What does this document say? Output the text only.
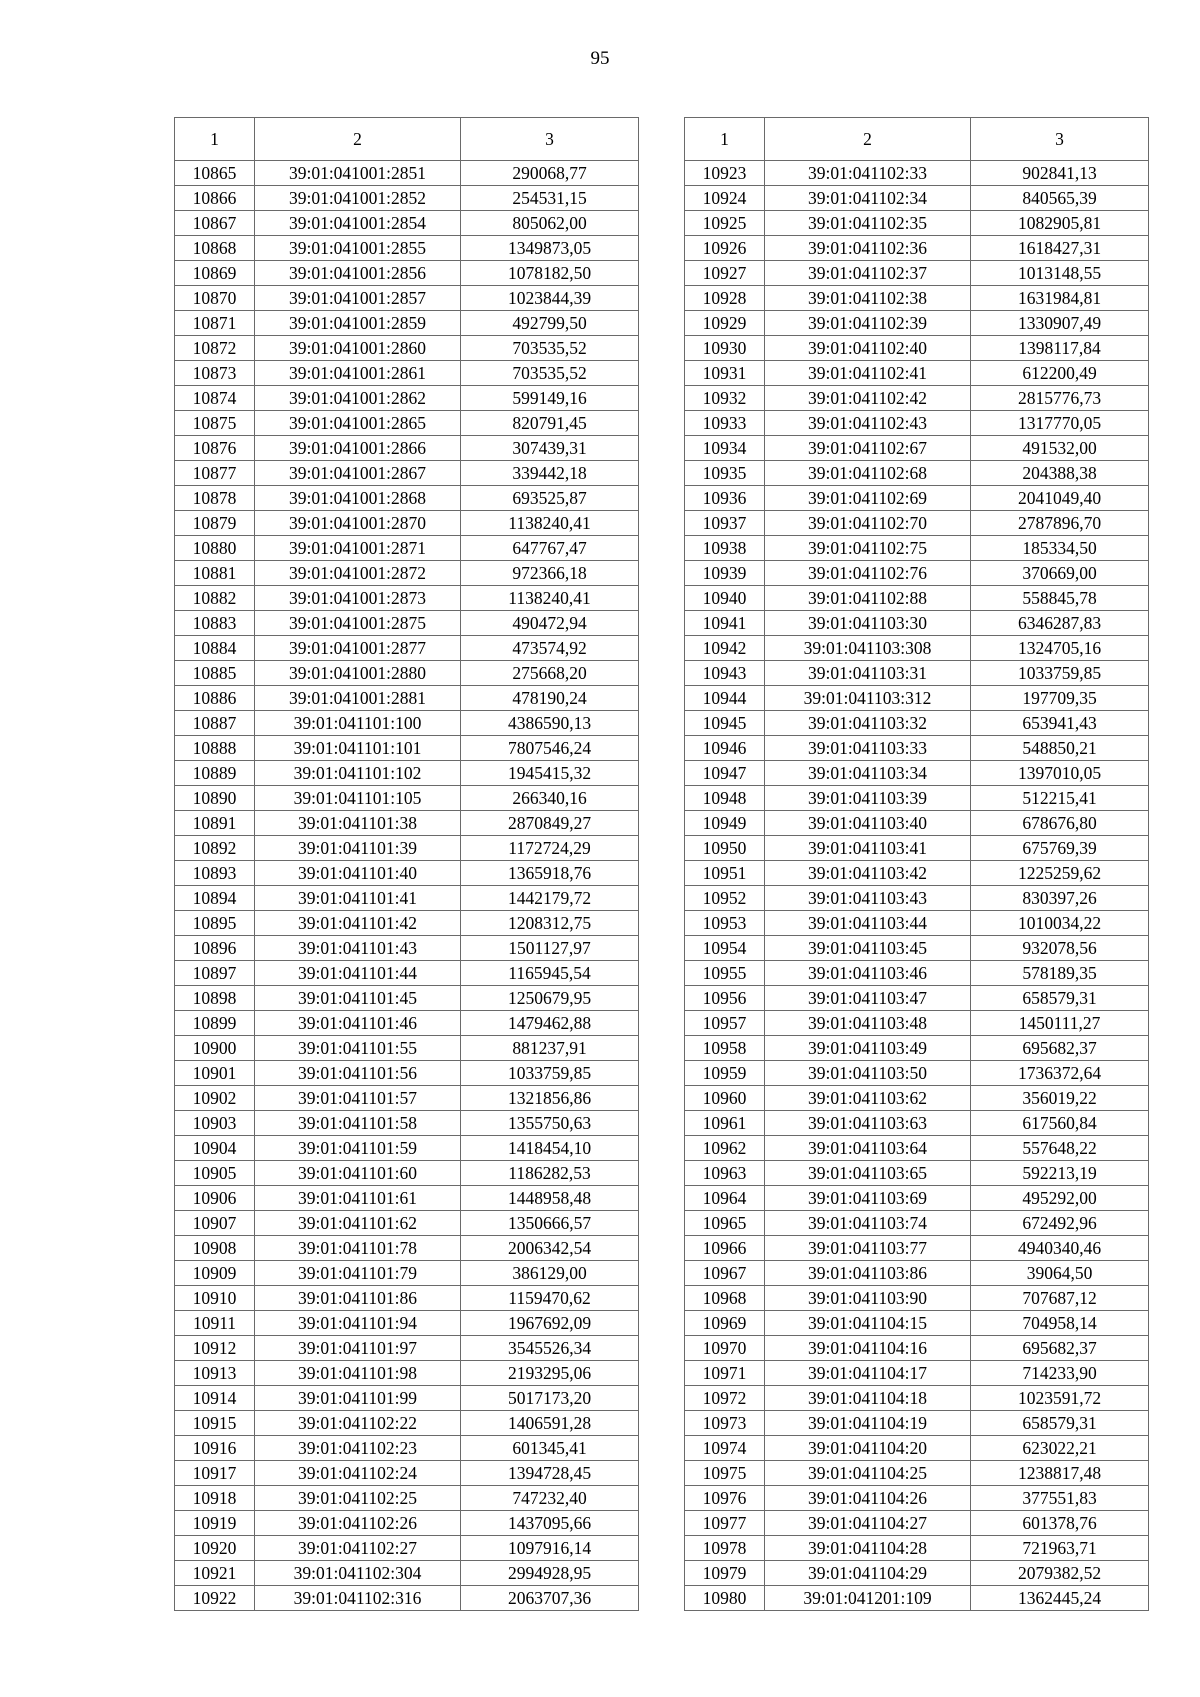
95
1	2	3
10865	39:01:041001:2851	290068,77
10866	39:01:041001:2852	254531,15
10867	39:01:041001:2854	805062,00
10868	39:01:041001:2855	1349873,05
10869	39:01:041001:2856	1078182,50
10870	39:01:041001:2857	1023844,39
10871	39:01:041001:2859	492799,50
10872	39:01:041001:2860	703535,52
10873	39:01:041001:2861	703535,52
10874	39:01:041001:2862	599149,16
10875	39:01:041001:2865	820791,45
10876	39:01:041001:2866	307439,31
10877	39:01:041001:2867	339442,18
10878	39:01:041001:2868	693525,87
10879	39:01:041001:2870	1138240,41
10880	39:01:041001:2871	647767,47
10881	39:01:041001:2872	972366,18
10882	39:01:041001:2873	1138240,41
10883	39:01:041001:2875	490472,94
10884	39:01:041001:2877	473574,92
10885	39:01:041001:2880	275668,20
10886	39:01:041001:2881	478190,24
10887	39:01:041101:100	4386590,13
10888	39:01:041101:101	7807546,24
10889	39:01:041101:102	1945415,32
10890	39:01:041101:105	266340,16
10891	39:01:041101:38	2870849,27
10892	39:01:041101:39	1172724,29
10893	39:01:041101:40	1365918,76
10894	39:01:041101:41	1442179,72
10895	39:01:041101:42	1208312,75
10896	39:01:041101:43	1501127,97
10897	39:01:041101:44	1165945,54
10898	39:01:041101:45	1250679,95
10899	39:01:041101:46	1479462,88
10900	39:01:041101:55	881237,91
10901	39:01:041101:56	1033759,85
10902	39:01:041101:57	1321856,86
10903	39:01:041101:58	1355750,63
10904	39:01:041101:59	1418454,10
10905	39:01:041101:60	1186282,53
10906	39:01:041101:61	1448958,48
10907	39:01:041101:62	1350666,57
10908	39:01:041101:78	2006342,54
10909	39:01:041101:79	386129,00
10910	39:01:041101:86	1159470,62
10911	39:01:041101:94	1967692,09
10912	39:01:041101:97	3545526,34
10913	39:01:041101:98	2193295,06
10914	39:01:041101:99	5017173,20
10915	39:01:041102:22	1406591,28
10916	39:01:041102:23	601345,41
10917	39:01:041102:24	1394728,45
10918	39:01:041102:25	747232,40
10919	39:01:041102:26	1437095,66
10920	39:01:041102:27	1097916,14
10921	39:01:041102:304	2994928,95
10922	39:01:041102:316	2063707,36
1	2	3
10923	39:01:041102:33	902841,13
10924	39:01:041102:34	840565,39
10925	39:01:041102:35	1082905,81
10926	39:01:041102:36	1618427,31
10927	39:01:041102:37	1013148,55
10928	39:01:041102:38	1631984,81
10929	39:01:041102:39	1330907,49
10930	39:01:041102:40	1398117,84
10931	39:01:041102:41	612200,49
10932	39:01:041102:42	2815776,73
10933	39:01:041102:43	1317770,05
10934	39:01:041102:67	491532,00
10935	39:01:041102:68	204388,38
10936	39:01:041102:69	2041049,40
10937	39:01:041102:70	2787896,70
10938	39:01:041102:75	185334,50
10939	39:01:041102:76	370669,00
10940	39:01:041102:88	558845,78
10941	39:01:041103:30	6346287,83
10942	39:01:041103:308	1324705,16
10943	39:01:041103:31	1033759,85
10944	39:01:041103:312	197709,35
10945	39:01:041103:32	653941,43
10946	39:01:041103:33	548850,21
10947	39:01:041103:34	1397010,05
10948	39:01:041103:39	512215,41
10949	39:01:041103:40	678676,80
10950	39:01:041103:41	675769,39
10951	39:01:041103:42	1225259,62
10952	39:01:041103:43	830397,26
10953	39:01:041103:44	1010034,22
10954	39:01:041103:45	932078,56
10955	39:01:041103:46	578189,35
10956	39:01:041103:47	658579,31
10957	39:01:041103:48	1450111,27
10958	39:01:041103:49	695682,37
10959	39:01:041103:50	1736372,64
10960	39:01:041103:62	356019,22
10961	39:01:041103:63	617560,84
10962	39:01:041103:64	557648,22
10963	39:01:041103:65	592213,19
10964	39:01:041103:69	495292,00
10965	39:01:041103:74	672492,96
10966	39:01:041103:77	4940340,46
10967	39:01:041103:86	39064,50
10968	39:01:041103:90	707687,12
10969	39:01:041104:15	704958,14
10970	39:01:041104:16	695682,37
10971	39:01:041104:17	714233,90
10972	39:01:041104:18	1023591,72
10973	39:01:041104:19	658579,31
10974	39:01:041104:20	623022,21
10975	39:01:041104:25	1238817,48
10976	39:01:041104:26	377551,83
10977	39:01:041104:27	601378,76
10978	39:01:041104:28	721963,71
10979	39:01:041104:29	2079382,52
10980	39:01:041201:109	1362445,24
